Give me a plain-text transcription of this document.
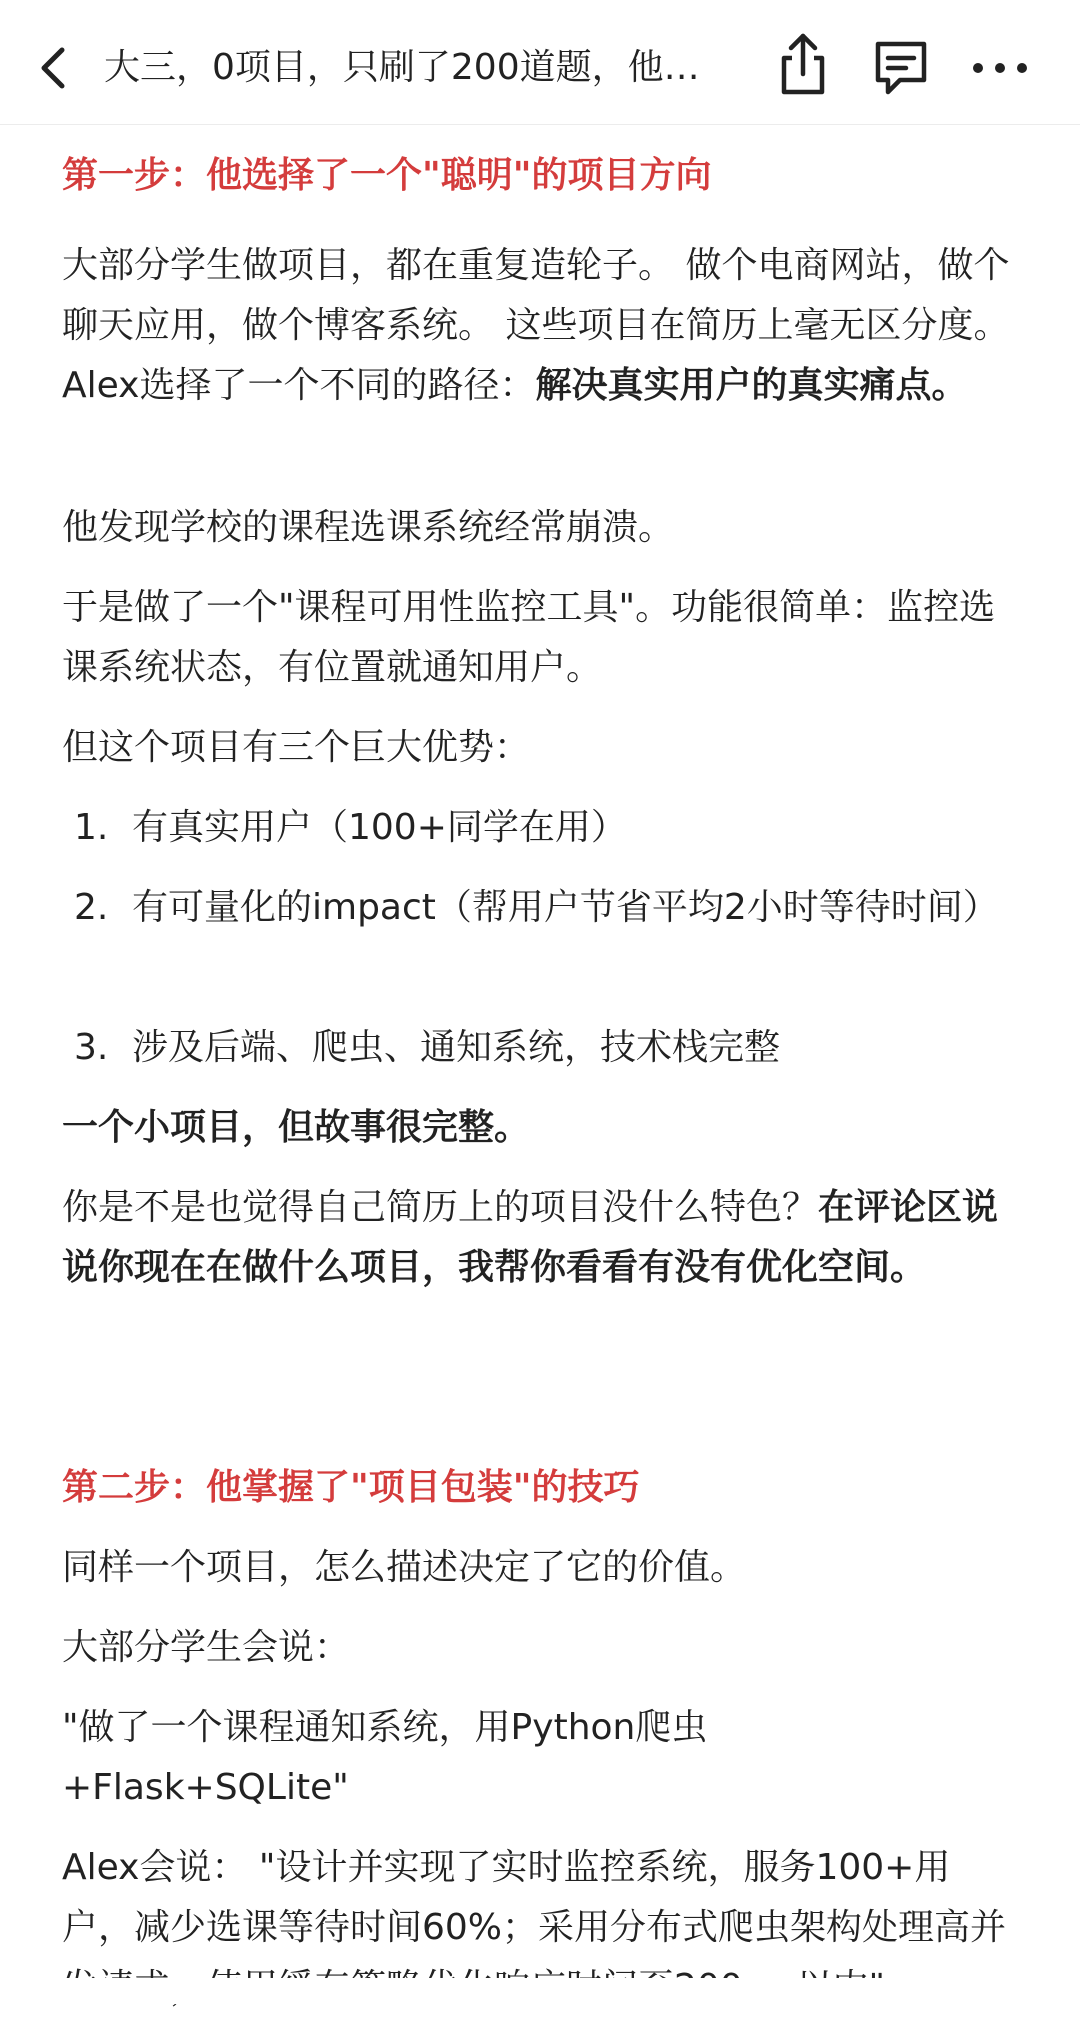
大三，0项目，只刷了200道题，他…
第一步：他选择了一个"聪明"的项目方向

大部分学生做项目，都在重复造轮子。 做个电商网站，做个聊天应用，做个博客系统。 这些项目在简历上毫无区分度。 Alex选择了一个不同的路径：解决真实用户的真实痛点。

他发现学校的课程选课系统经常崩溃。

于是做了一个"课程可用性监控工具"。功能很简单：监控选课系统状态，有位置就通知用户。

但这个项目有三个巨大优势：

1. 有真实用户（100+同学在用）
2. 有可量化的impact（帮用户节省平均2小时等待时间）
3. 涉及后端、爬虫、通知系统，技术栈完整

一个小项目，但故事很完整。

你是不是也觉得自己简历上的项目没什么特色？在评论区说说你现在在做什么项目，我帮你看看有没有优化空间。

第二步：他掌握了"项目包装"的技巧

同样一个项目，怎么描述决定了它的价值。

大部分学生会说：

"做了一个课程通知系统，用Python爬虫+Flask+SQLite"

Alex会说： "设计并实现了实时监控系统，服务100+用户，减少选课等待时间60%；采用分布式爬虫架构处理高并
